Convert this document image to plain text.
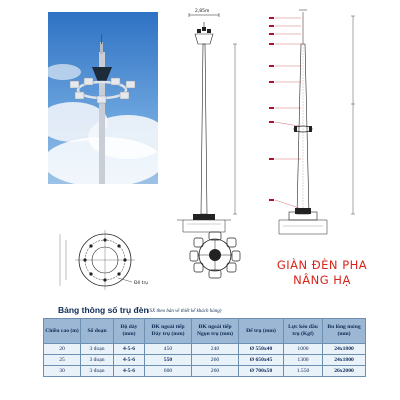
2,85m
Đế trụ
GIÀN ĐÈN PHA
NÂNG HẠ
Bảng thông số trụ đèn (SX theo bản vẽ thiết kế khách hàng)
Chiều cao (m)	Số đoạn	Độ dày (mm)	ĐK ngoài tiếp Đáy trụ (mm)	ĐK ngoài tiếp Ngọn trụ (mm)	Đế trụ (mm)	Lực kéo đầu trụ (Kgf)	Bu lông móng (mm)
20	3 đoạn	4-5-6	450	240	Ø 550x40	1000	24x1800
25	3 đoạn	4-5-6	550	260	Ø 650x45	1300	24x1800
30	3 đoạn	4-5-6	600	260	Ø 700x50	1.550	26x2000
